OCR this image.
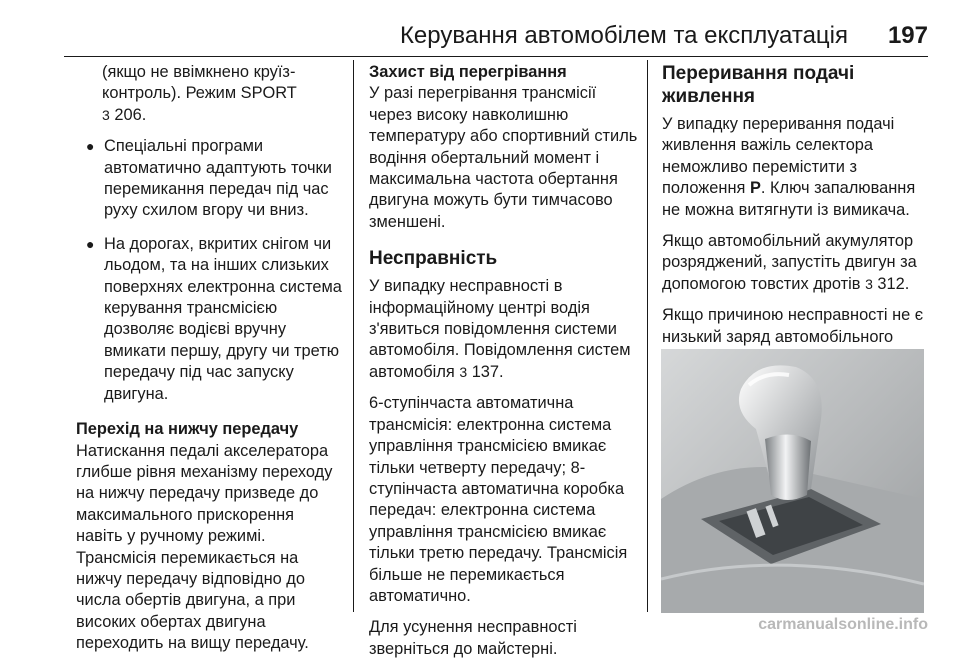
Керування автомобілем та експлуатація 197

(якщо не ввімкнено круїз-контроль). Режим SPORT
3 206.

● Спеціальні програми автоматично адаптують точки перемикання передач під час руху схилом вгору чи вниз.
● На дорогах, вкритих снігом чи льодом, та на інших слизьких поверхнях електронна система керування трансмісією дозволяє водієві вручну вмикати першу, другу чи третю передачу під час запуску двигуна.
Перехід на нижчу передачу

Натискання педалі акселератора глибше рівня механізму переходу на нижчу передачу призведе до максимального прискорення навіть у ручному режимі. Трансмісія перемикається на нижчу передачу відповідно до числа обертів двигуна, а при високих обертах двигуна переходить на вищу передачу.

Захист від перегрівання

У разі перегрівання трансмісії через високу навколишню температуру або спортивний стиль водіння обертальний момент і максимальна частота обертання двигуна можуть бути тимчасово зменшені.

Несправність

У випадку несправності в інформаційному центрі водія з'явиться повідомлення системи автомобіля. Повідомлення систем автомобіля 3 137.

6-ступінчаста автоматична трансмісія: електронна система управління трансмісією вмикає тільки четверту передачу; 8-ступінчаста автоматична коробка передач: електронна система управління трансмісією вмикає тільки третю передачу. Трансмісія більше не перемикається автоматично.

Для усунення несправності зверніться до майстерні.

Переривання подачі живлення

У випадку переривання подачі живлення важіль селектора неможливо перемістити з положення P. Ключ запалювання не можна витягнути із вимикача.

Якщо автомобільний акумулятор розряджений, запустіть двигун за допомогою товстих дротів 3 312.

Якщо причиною несправності не є низький заряд автомобільного

carmanualsonline.info
